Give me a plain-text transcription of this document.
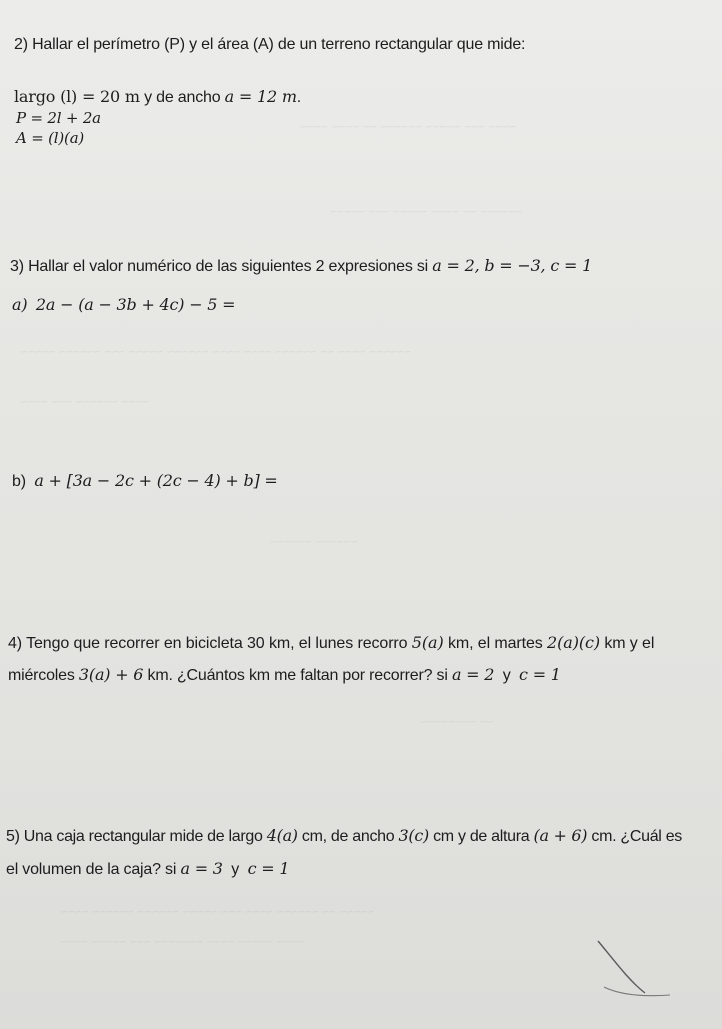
~~~~ ~~~ ~~~~~ ~~~~~~ ~~ ~~~~ ~~~~
~~~~~~ ~~ ~~~~ ~~~~~ ~~~ ~~~~~
~~~~~~ ~~~~ ~~ ~~~~~~ ~~~~ ~~~~ ~~~~~~ ~~~~~ ~~~ ~~~~~~ ~~~~~
~~~~ ~~~~~~ ~~~ ~~~~
~~~~~~ ~~~~~~
~~ ~~~~~~~~
~~~~~ ~~ ~~~~~~ ~~~~ ~~~ ~~~~~ ~~~~~~ ~~~~~~ ~~~~
~~~~ ~~~~~ ~~~~ ~~~~~~~ ~~~ ~~~~~ ~~~~
2) Hallar el perímetro (P) y el área (A) de un terreno rectangular que mide:
largo (l) = 20 m y de ancho a = 12 m.
P = 2l + 2a
A = (l)(a)
3) Hallar el valor numérico de las siguientes 2 expresiones si a = 2, b = −3, c = 1
a) 2a − (a − 3b + 4c) − 5 =
b) a + [3a − 2c + (2c − 4) + b] =
4) Tengo que recorrer en bicicleta 30 km, el lunes recorro 5(a) km, el martes 2(a)(c) km y el
miércoles 3(a) + 6 km. ¿Cuántos km me faltan por recorrer? si a = 2  y  c = 1
5) Una caja rectangular mide de largo 4(a) cm, de ancho 3(c) cm y de altura (a + 6) cm. ¿Cuál es
el volumen de la caja? si a = 3  y  c = 1
